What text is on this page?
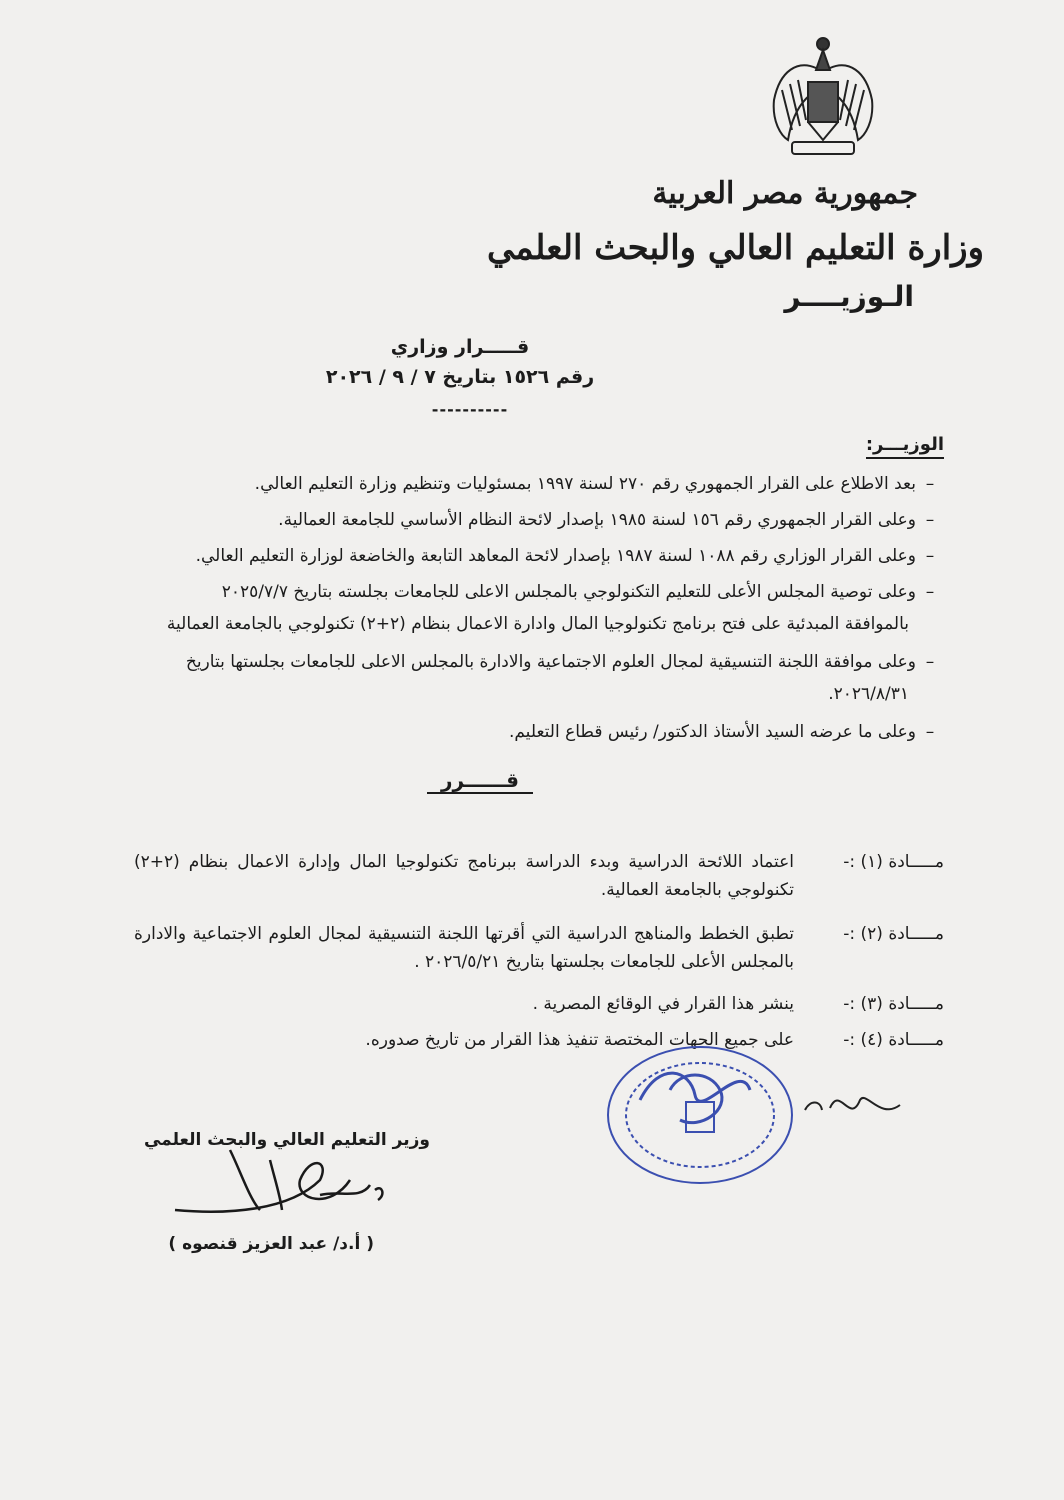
جمهورية مصر العربية
وزارة التعليم العالي والبحث العلمي
الـوزيــــر
قـــــرار وزاري
رقم ١٥٢٦ بتاريخ ٧ / ٩ / ٢٠٢٦
----------
الوزيـــر:
–بعد الاطلاع على القرار الجمهوري رقم ٢٧٠ لسنة ١٩٩٧ بمسئوليات وتنظيم وزارة التعليم العالي.
–وعلى القرار الجمهوري رقم ١٥٦ لسنة ١٩٨٥ بإصدار لائحة النظام الأساسي للجامعة العمالية.
–وعلى القرار الوزاري رقم ١٠٨٨ لسنة ١٩٨٧ بإصدار لائحة المعاهد التابعة والخاضعة لوزارة التعليم العالي.
–وعلى توصية المجلس الأعلى للتعليم التكنولوجي بالمجلس الاعلى للجامعات بجلسته بتاريخ ٢٠٢٥/٧/٧
بالموافقة المبدئية على فتح برنامج تكنولوجيا المال وادارة الاعمال بنظام (٢+٢) تكنولوجي بالجامعة العمالية
–وعلى موافقة اللجنة التنسيقية لمجال العلوم الاجتماعية والادارة بالمجلس الاعلى للجامعات بجلستها بتاريخ
٢٠٢٦/٨/٣١.
–وعلى ما عرضه السيد الأستاذ الدكتور/ رئيس قطاع التعليم.
قــــــرر
مـــــادة (١) :-
اعتماد اللائحة الدراسية وبدء الدراسة ببرنامج تكنولوجيا المال وإدارة الاعمال بنظام (٢+٢) تكنولوجي بالجامعة العمالية.
مـــــادة (٢) :-
تطبق الخطط والمناهج الدراسية التي أقرتها اللجنة التنسيقية لمجال العلوم الاجتماعية والادارة بالمجلس الأعلى للجامعات بجلستها بتاريخ ٢٠٢٦/٥/٢١ .
مـــــادة (٣) :-
ينشر هذا القرار في الوقائع المصرية .
مـــــادة (٤) :-
على جميع الجهات المختصة تنفيذ هذا القرار من تاريخ صدوره.
وزير التعليم العالي والبحث العلمي
( أ.د/ عبد العزيز قنصوه )
